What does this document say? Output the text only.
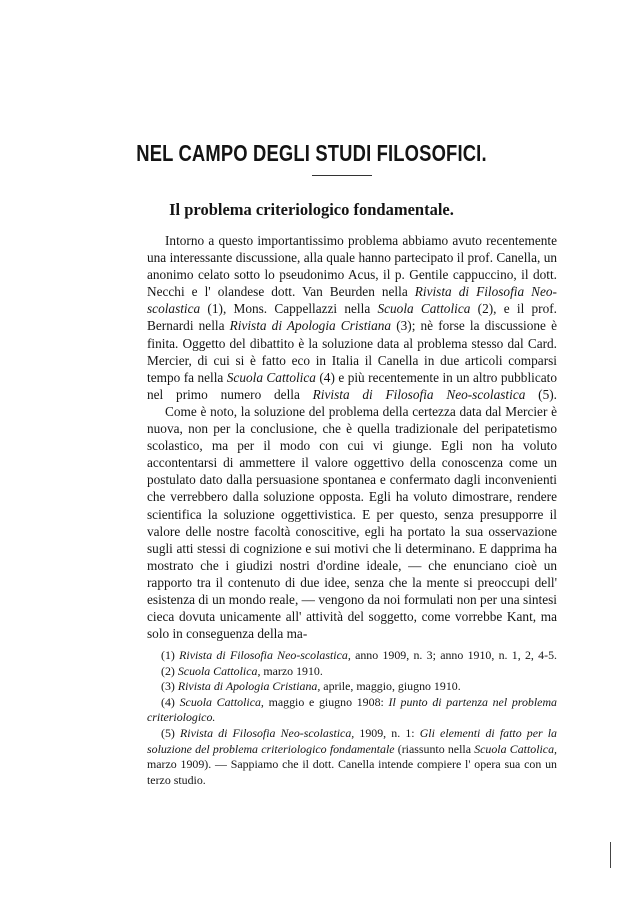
NEL CAMPO DEGLI STUDI FILOSOFICI.
Il problema criteriologico fondamentale.

Intorno a questo importantissimo problema abbiamo avuto recentemente una interessante discussione, alla quale hanno partecipato il prof. Canella, un anonimo celato sotto lo pseudonimo Acus, il p. Gentile cappuccino, il dott. Necchi e l' olandese dott. Van Beurden nella Rivista di Filosofia Neo-scolastica (1), Mons. Cappellazzi nella Scuola Cattolica (2), e il prof. Bernardi nella Rivista di Apologia Cristiana (3); nè forse la discussione è finita. Oggetto del dibattito è la soluzione data al problema stesso dal Card. Mercier, di cui si è fatto eco in Italia il Canella in due articoli comparsi tempo fa nella Scuola Cattolica (4) e più recentemente in un altro pubblicato nel primo numero della Rivista di Filosofia Neo-scolastica (5).

Come è noto, la soluzione del problema della certezza data dal Mercier è nuova, non per la conclusione, che è quella tradizionale del peripatetismo scolastico, ma per il modo con cui vi giunge. Egli non ha voluto accontentarsi di ammettere il valore oggettivo della conoscenza come un postulato dato dalla persuasione spontanea e confermato dagli inconvenienti che verrebbero dalla soluzione opposta. Egli ha voluto dimostrare, rendere scientifica la soluzione oggettivistica. E per questo, senza presupporre il valore delle nostre facoltà conoscitive, egli ha portato la sua osservazione sugli atti stessi di cognizione e sui motivi che li determinano. E dapprima ha mostrato che i giudizi nostri d'ordine ideale, — che enunciano cioè un rapporto tra il contenuto di due idee, senza che la mente si preoccupi dell' esistenza di un mondo reale, — vengono da noi formulati non per una sintesi cieca dovuta unicamente all' attività del soggetto, come vorrebbe Kant, ma solo in conseguenza della ma-

(1) Rivista di Filosofia Neo-scolastica, anno 1909, n. 3; anno 1910, n. 1, 2, 4-5.

(2) Scuola Cattolica, marzo 1910.

(3) Rivista di Apologia Cristiana, aprile, maggio, giugno 1910.

(4) Scuola Cattolica, maggio e giugno 1908: Il punto di partenza nel problema criteriologico.

(5) Rivista di Filosofia Neo-scolastica, 1909, n. 1: Gli elementi di fatto per la soluzione del problema criteriologico fondamentale (riassunto nella Scuola Cattolica, marzo 1909). — Sappiamo che il dott. Canella intende compiere l' opera sua con un terzo studio.
